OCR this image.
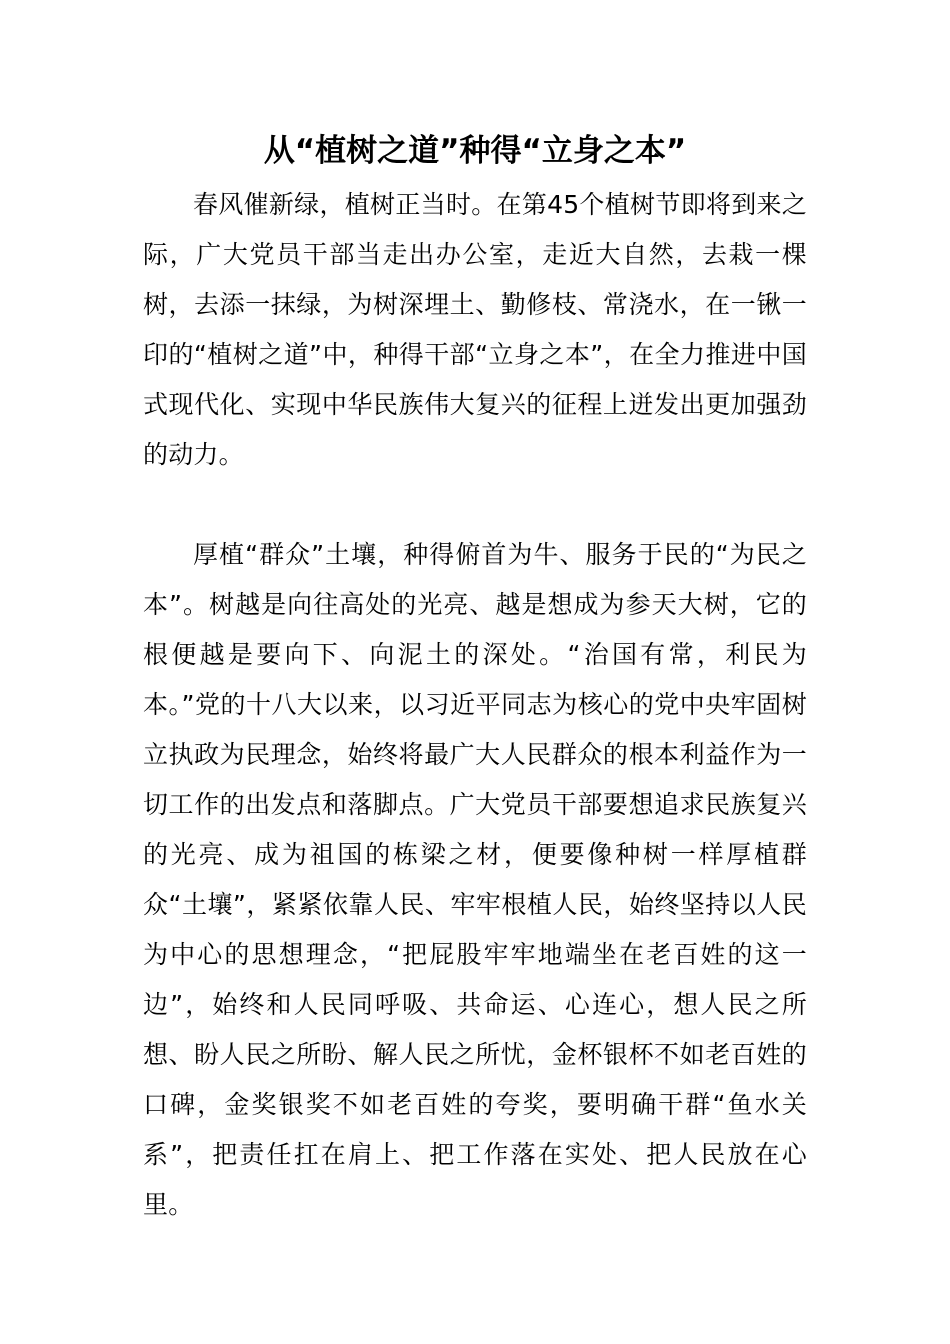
从“植树之道”种得“立身之本”

春风催新绿，植树正当时。在第45个植树节即将到来之际，广大党员干部当走出办公室，走近大自然，去栽一棵树，去添一抹绿，为树深埋土、勤修枝、常浇水，在一锹一印的“植树之道”中，种得干部“立身之本”，在全力推进中国式现代化、实现中华民族伟大复兴的征程上迸发出更加强劲的动力。

厚植“群众”土壤，种得俯首为牛、服务于民的“为民之本”。树越是向往高处的光亮、越是想成为参天大树，它的根便越是要向下、向泥土的深处。“治国有常，利民为本。”党的十八大以来，以习近平同志为核心的党中央牢固树立执政为民理念，始终将最广大人民群众的根本利益作为一切工作的出发点和落脚点。广大党员干部要想追求民族复兴的光亮、成为祖国的栋梁之材，便要像种树一样厚植群众“土壤”，紧紧依靠人民、牢牢根植人民，始终坚持以人民为中心的思想理念，“把屁股牢牢地端坐在老百姓的这一边”，始终和人民同呼吸、共命运、心连心，想人民之所想、盼人民之所盼、解人民之所忧，金杯银杯不如老百姓的口碑，金奖银奖不如老百姓的夸奖，要明确干群“鱼水关系”，把责任扛在肩上、把工作落在实处、把人民放在心里。
